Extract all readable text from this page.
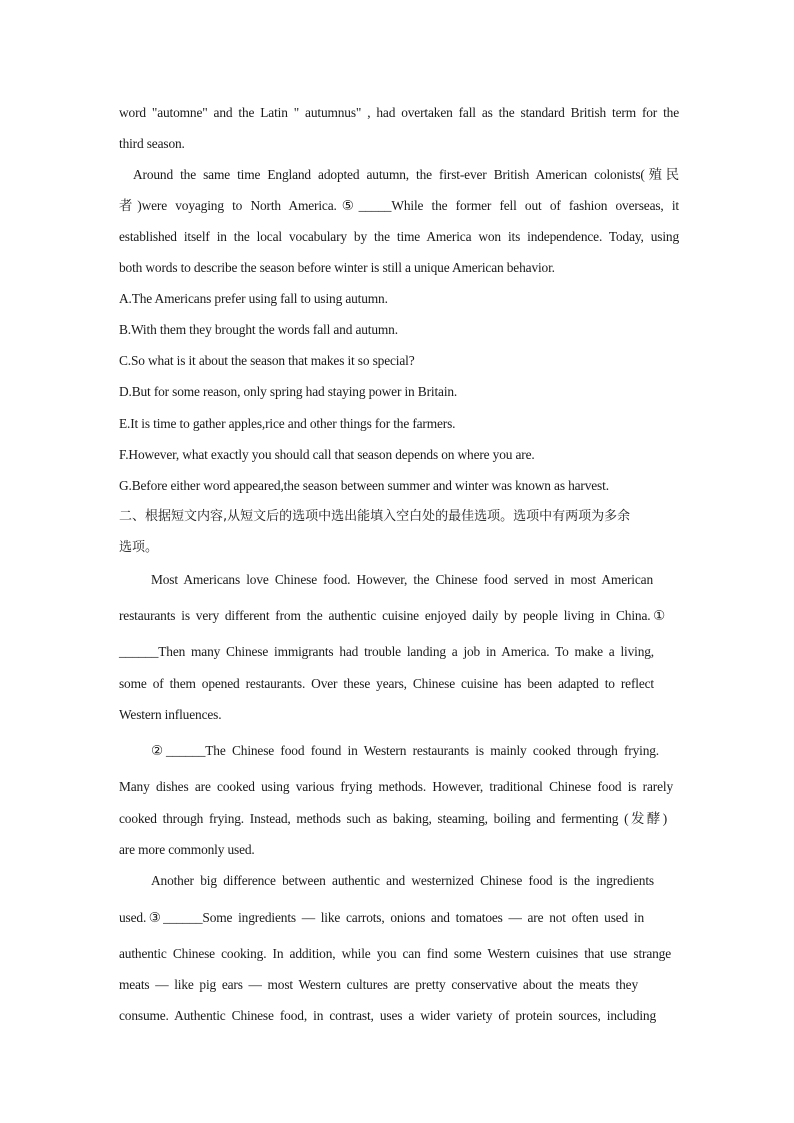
word "automne" and the Latin " autumnus" , had overtaken fall as the standard British term for the
third season.
Around the same time England adopted autumn, the first-ever British American colonists(殖民
者)were voyaging to North America.⑤_____While the former fell out of fashion overseas, it
established itself in the local vocabulary by the time America won its independence. Today, using
both words to describe the season before winter is still a unique American behavior.
A.The Americans prefer using fall to using autumn.
B.With them they brought the words fall and autumn.
C.So what is it about the season that makes it so special?
D.But for some reason, only spring had staying power in Britain.
E.It is time to gather apples,rice and other things for the farmers.
F.However, what exactly you should call that season depends on where you are.
G.Before either word appeared,the season between summer and winter was known as harvest.
二、根据短文内容,从短文后的选项中选出能填入空白处的最佳选项。选项中有两项为多余
选项。
Most Americans love Chinese food. However, the Chinese food served in most American
restaurants is very different from the authentic cuisine enjoyed daily by people living in China.①
______Then many Chinese immigrants had trouble landing a job in America. To make a living,
some of them opened restaurants. Over these years, Chinese cuisine has been adapted to reflect
Western influences.
②______The Chinese food found in Western restaurants is mainly cooked through frying.
Many dishes are cooked using various frying methods. However, traditional Chinese food is rarely
cooked through frying. Instead, methods such as baking, steaming, boiling and fermenting (发酵)
are more commonly used.
Another big difference between authentic and westernized Chinese food is the ingredients
used.③______Some ingredients — like carrots, onions and tomatoes — are not often used in
authentic Chinese cooking. In addition, while you can find some Western cuisines that use strange
meats — like pig ears — most Western cultures are pretty conservative about the meats they
consume. Authentic Chinese food, in contrast, uses a wider variety of protein sources, including
